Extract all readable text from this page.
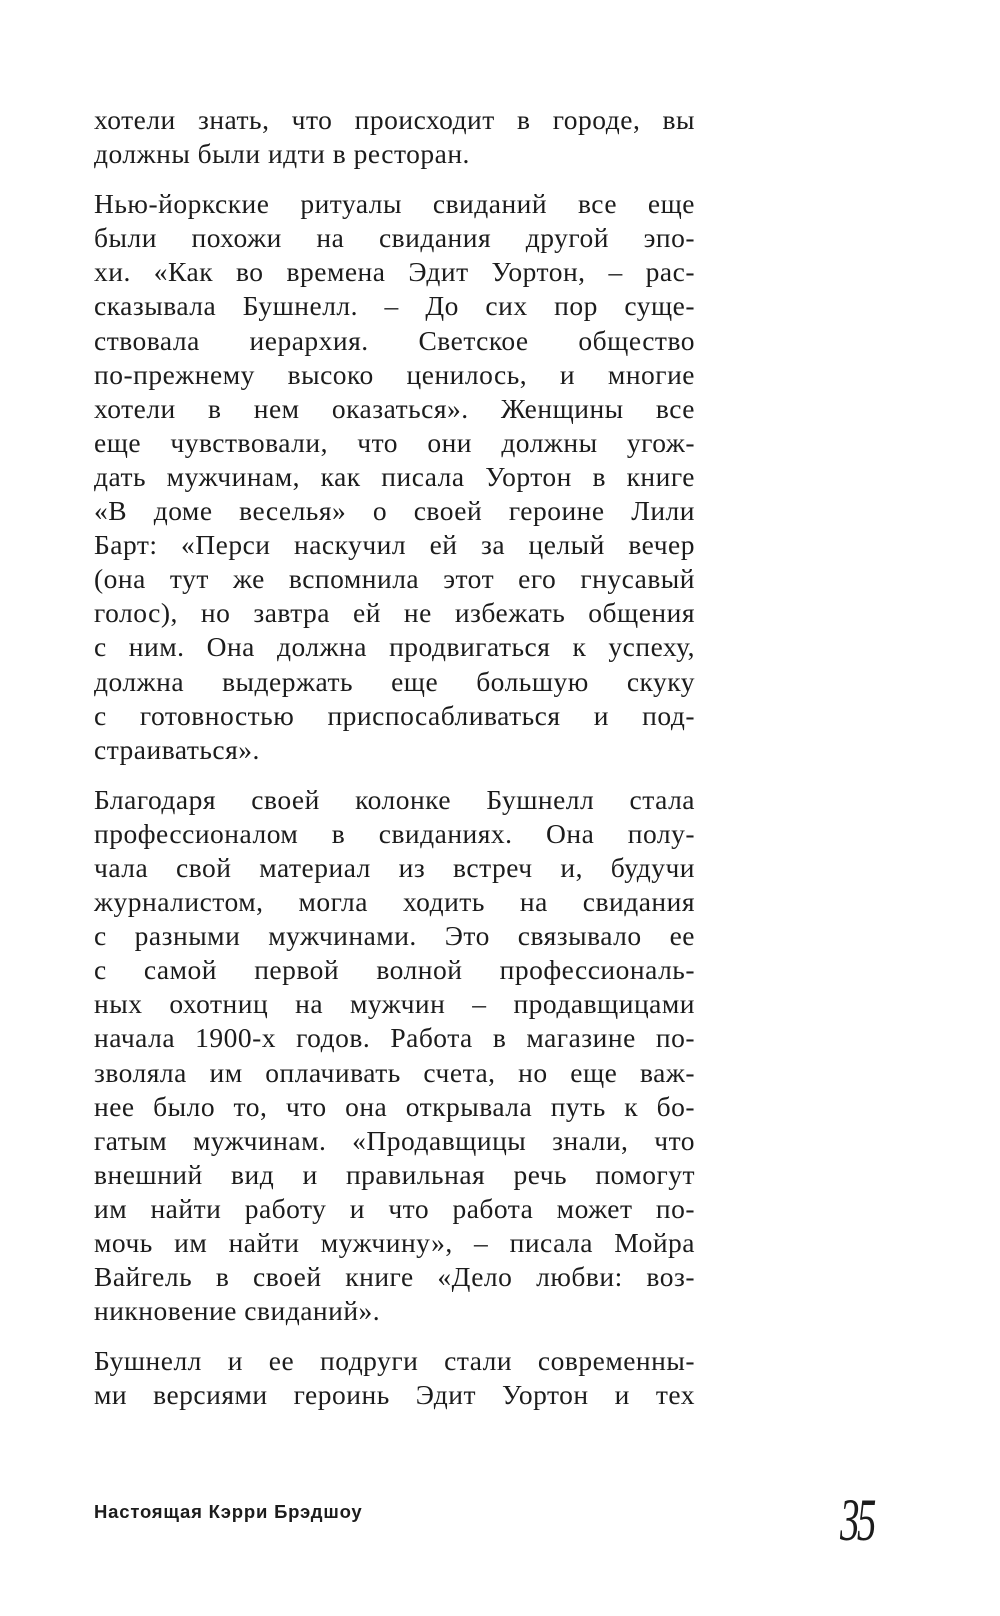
хотели знать, что происходит в городе, вы
должны были идти в ресторан.

Нью-йоркские ритуалы свиданий все еще
были похожи на свидания другой эпо-
хи. «Как во времена Эдит Уортон, – рас-
сказывала Бушнелл. – До сих пор суще-
ствовала иерархия. Светское общество
по-прежнему высоко ценилось, и многие
хотели в нем оказаться». Женщины все
еще чувствовали, что они должны угож-
дать мужчинам, как писала Уортон в книге
«В доме веселья» о своей героине Лили
Барт: «Перси наскучил ей за целый вечер
(она тут же вспомнила этот его гнусавый
голос), но завтра ей не избежать общения
с ним. Она должна продвигаться к успеху,
должна выдержать еще большую скуку
с готовностью приспосабливаться и под-
страиваться».

Благодаря своей колонке Бушнелл стала
профессионалом в свиданиях. Она полу-
чала свой материал из встреч и, будучи
журналистом, могла ходить на свидания
с разными мужчинами. Это связывало ее
с самой первой волной профессиональ-
ных охотниц на мужчин – продавщицами
начала 1900-х годов. Работа в магазине по-
зволяла им оплачивать счета, но еще важ-
нее было то, что она открывала путь к бо-
гатым мужчинам. «Продавщицы знали, что
внешний вид и правильная речь помогут
им найти работу и что работа может по-
мочь им найти мужчину», – писала Мойра
Вайгель в своей книге «Дело любви: воз-
никновение свиданий».

Бушнелл и ее подруги стали современны-
ми версиями героинь Эдит Уортон и тех

Настоящая Кэрри Брэдшоу	35
